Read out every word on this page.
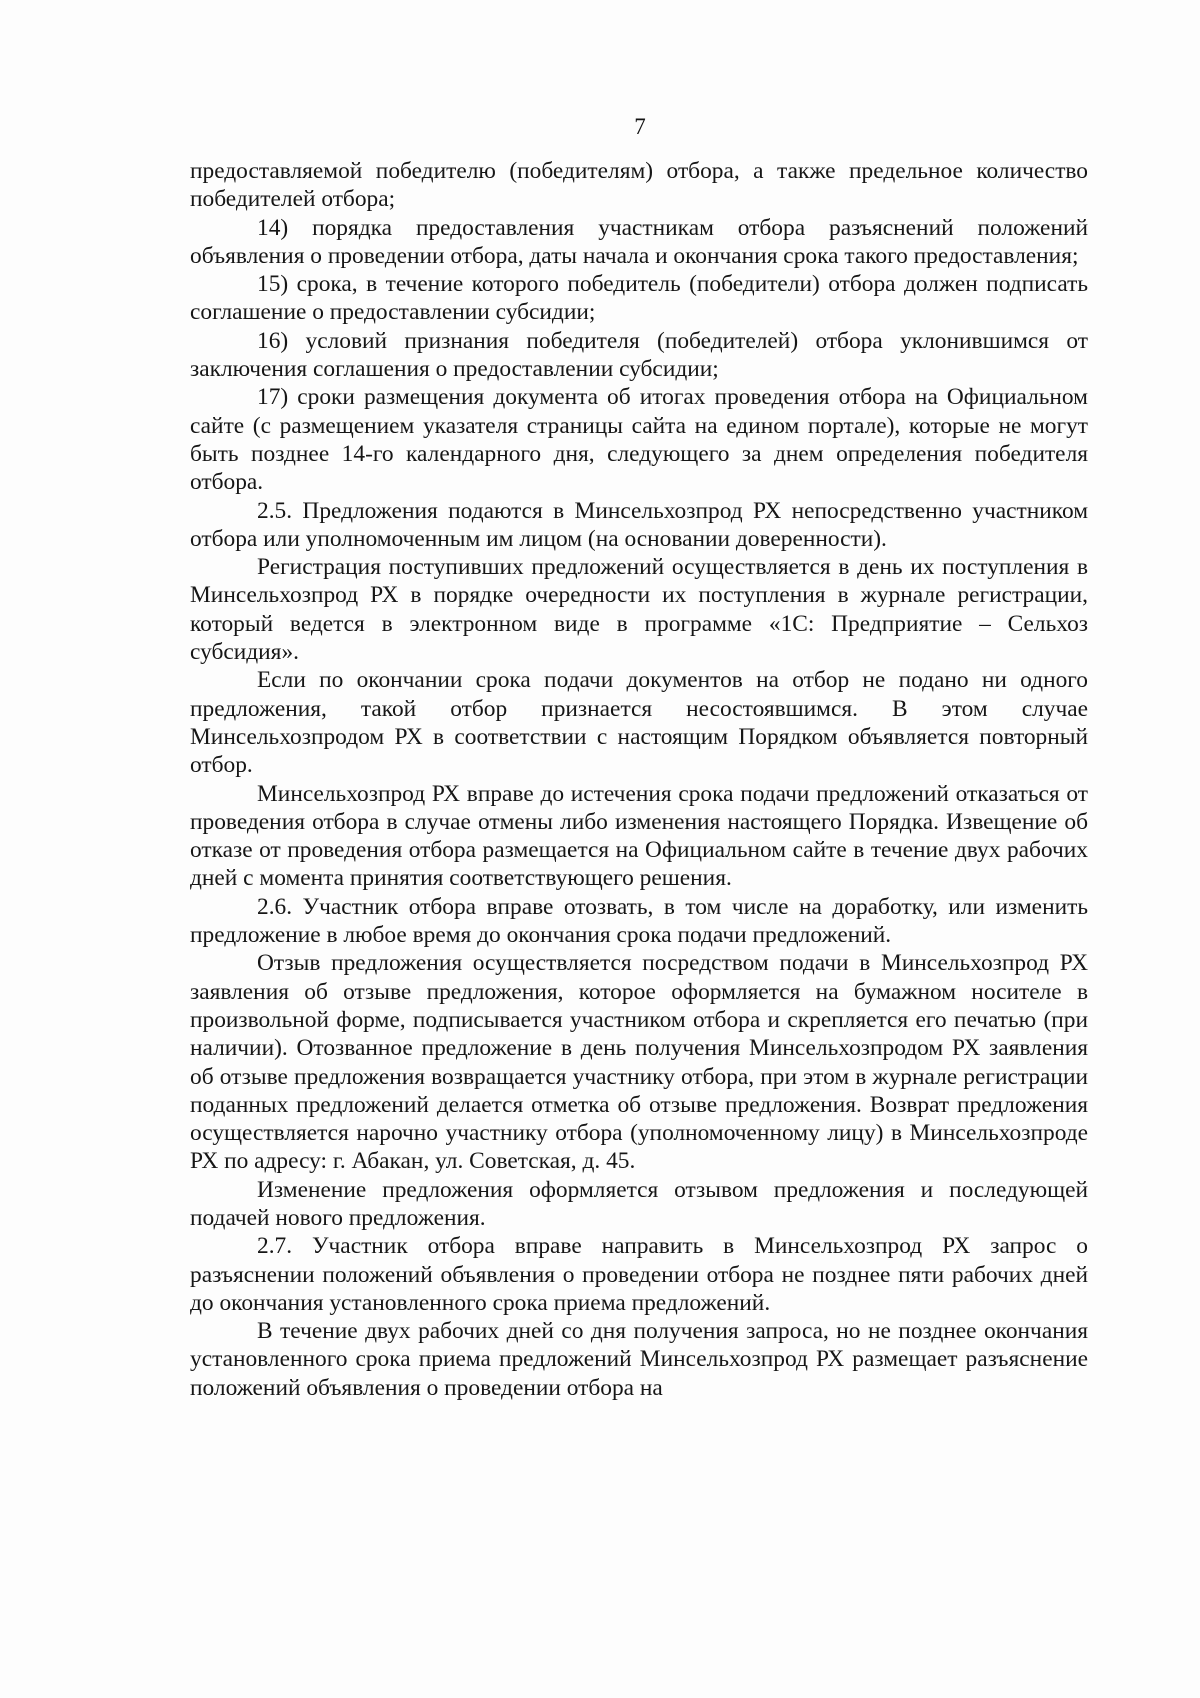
7

предоставляемой победителю (победителям) отбора, а также предельное количество победителей отбора;

14) порядка предоставления участникам отбора разъяснений положений объявления о проведении отбора, даты начала и окончания срока такого предоставления;

15) срока, в течение которого победитель (победители) отбора должен подписать соглашение о предоставлении субсидии;

16) условий признания победителя (победителей) отбора уклонившимся от заключения соглашения о предоставлении субсидии;

17) сроки размещения документа об итогах проведения отбора на Официальном сайте (с размещением указателя страницы сайта на едином портале), которые не могут быть позднее 14-го календарного дня, следующего за днем определения победителя отбора.

2.5. Предложения подаются в Минсельхозпрод РХ непосредственно участником отбора или уполномоченным им лицом (на основании доверенности).

Регистрация поступивших предложений осуществляется в день их поступления в Минсельхозпрод РХ в порядке очередности их поступления в журнале регистрации, который ведется в электронном виде в программе «1С: Предприятие – Сельхоз субсидия».

Если по окончании срока подачи документов на отбор не подано ни одного предложения, такой отбор признается несостоявшимся. В этом случае Минсельхозпродом РХ в соответствии с настоящим Порядком объявляется повторный отбор.

Минсельхозпрод РХ вправе до истечения срока подачи предложений отказаться от проведения отбора в случае отмены либо изменения настоящего Порядка. Извещение об отказе от проведения отбора размещается на Официальном сайте в течение двух рабочих дней с момента принятия соответствующего решения.

2.6. Участник отбора вправе отозвать, в том числе на доработку, или изменить предложение в любое время до окончания срока подачи предложений.

Отзыв предложения осуществляется посредством подачи в Минсельхозпрод РХ заявления об отзыве предложения, которое оформляется на бумажном носителе в произвольной форме, подписывается участником отбора и скрепляется его печатью (при наличии). Отозванное предложение в день получения Минсельхозпродом РХ заявления об отзыве предложения возвращается участнику отбора, при этом в журнале регистрации поданных предложений делается отметка об отзыве предложения. Возврат предложения осуществляется нарочно участнику отбора (уполномоченному лицу) в Минсельхозпроде РХ по адресу: г. Абакан, ул. Советская, д. 45.

Изменение предложения оформляется отзывом предложения и последующей подачей нового предложения.

2.7. Участник отбора вправе направить в Минсельхозпрод РХ запрос о разъяснении положений объявления о проведении отбора не позднее пяти рабочих дней до окончания установленного срока приема предложений.

В течение двух рабочих дней со дня получения запроса, но не позднее окончания установленного срока приема предложений Минсельхозпрод РХ размещает разъяснение положений объявления о проведении отбора на
